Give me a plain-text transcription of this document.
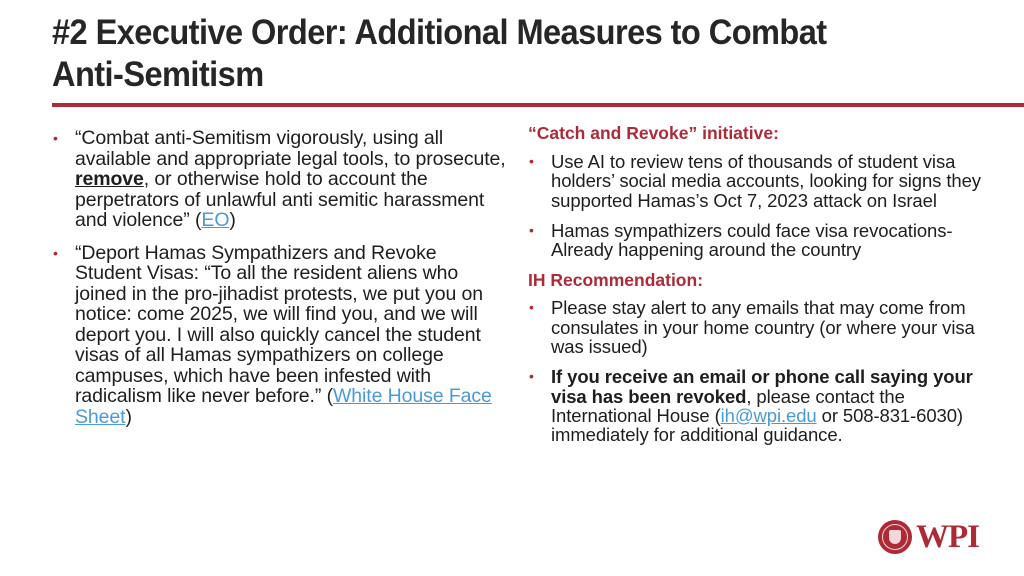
#2 Executive Order: Additional Measures to Combat Anti-Semitism
• “Combat anti-Semitism vigorously, using all available and appropriate legal tools, to prosecute, remove, or otherwise hold to account the perpetrators of unlawful anti semitic harassment and violence” (EO)
• “Deport Hamas Sympathizers and Revoke Student Visas: “To all the resident aliens who joined in the pro-jihadist protests, we put you on notice: come 2025, we will find you, and we will deport you. I will also quickly cancel the student visas of all Hamas sympathizers on college campuses, which have been infested with radicalism like never before.” (White House Face Sheet)
“Catch and Revoke” initiative:
• Use AI to review tens of thousands of student visa holders’ social media accounts, looking for signs they supported Hamas’s Oct 7, 2023 attack on Israel
• Hamas sympathizers could face visa revocations- Already happening around the country
IH Recommendation:
• Please stay alert to any emails that may come from consulates in your home country (or where your visa was issued)
• If you receive an email or phone call saying your visa has been revoked, please contact the International House (ih@wpi.edu or 508-831-6030) immediately for additional guidance.
WPI
